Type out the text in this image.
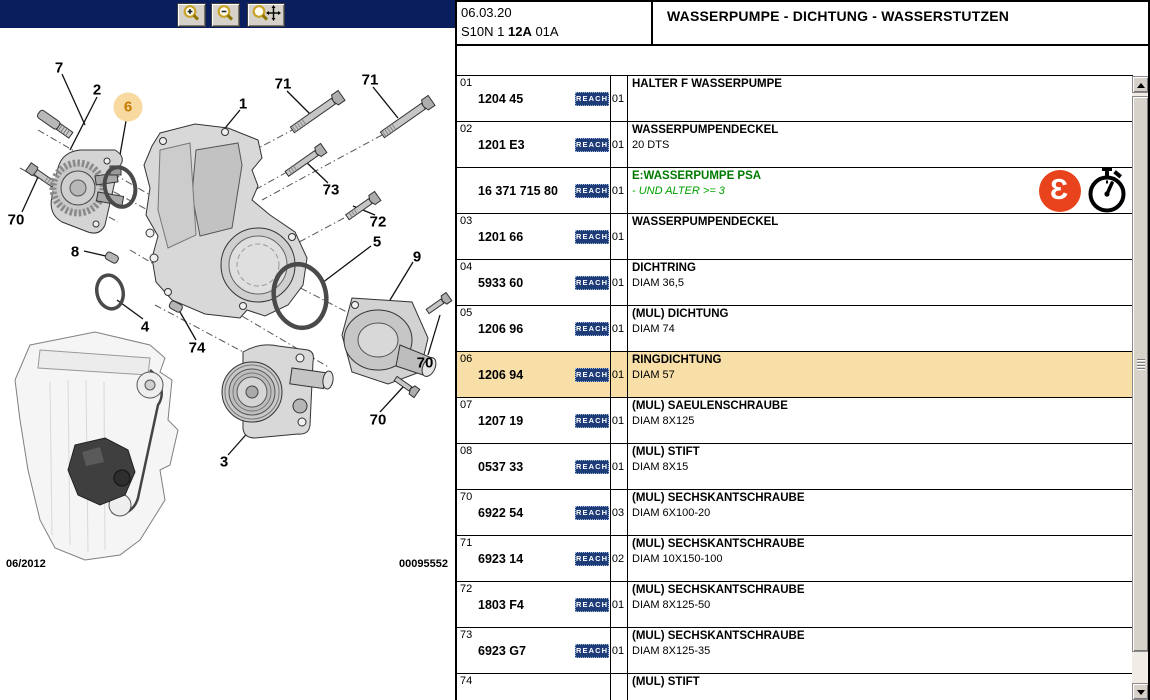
06/2012	00095552
7
2
6	1
71	71
73
72
70
8
4
74
5
9
70
70
3
06.03.20
S10N 1 12A 01A
WASSERPUMPE - DICHTUNG - WASSERSTUTZEN
01
1204 45	REACH 01
HALTER F WASSERPUMPE
02
1201 E3	REACH 01
WASSERPUMPENDECKEL
20 DTS
16 371 715 80 REACH 01
E:WASSERPUMPE PSA
- UND ALTER >= 3	Ɛ
03
1201 66	REACH 01
WASSERPUMPENDECKEL
04
5933 60	REACH 01
DICHTRING
DIAM 36,5
05
1206 96	REACH 01
(MUL) DICHTUNG
DIAM 74
06
1206 94	REACH 01
RINGDICHTUNG
DIAM 57
07
1207 19	REACH 01
(MUL) SAEULENSCHRAUBE
DIAM 8X125
08
0537 33	REACH 01
(MUL) STIFT
DIAM 8X15
70
6922 54	REACH 03
(MUL) SECHSKANTSCHRAUBE
DIAM 6X100-20
71
6923 14	REACH 02
(MUL) SECHSKANTSCHRAUBE
DIAM 10X150-100
72
1803 F4	REACH 01
(MUL) SECHSKANTSCHRAUBE
DIAM 8X125-50
73
6923 G7	REACH 01
(MUL) SECHSKANTSCHRAUBE
DIAM 8X125-35
74	(MUL) STIFT
